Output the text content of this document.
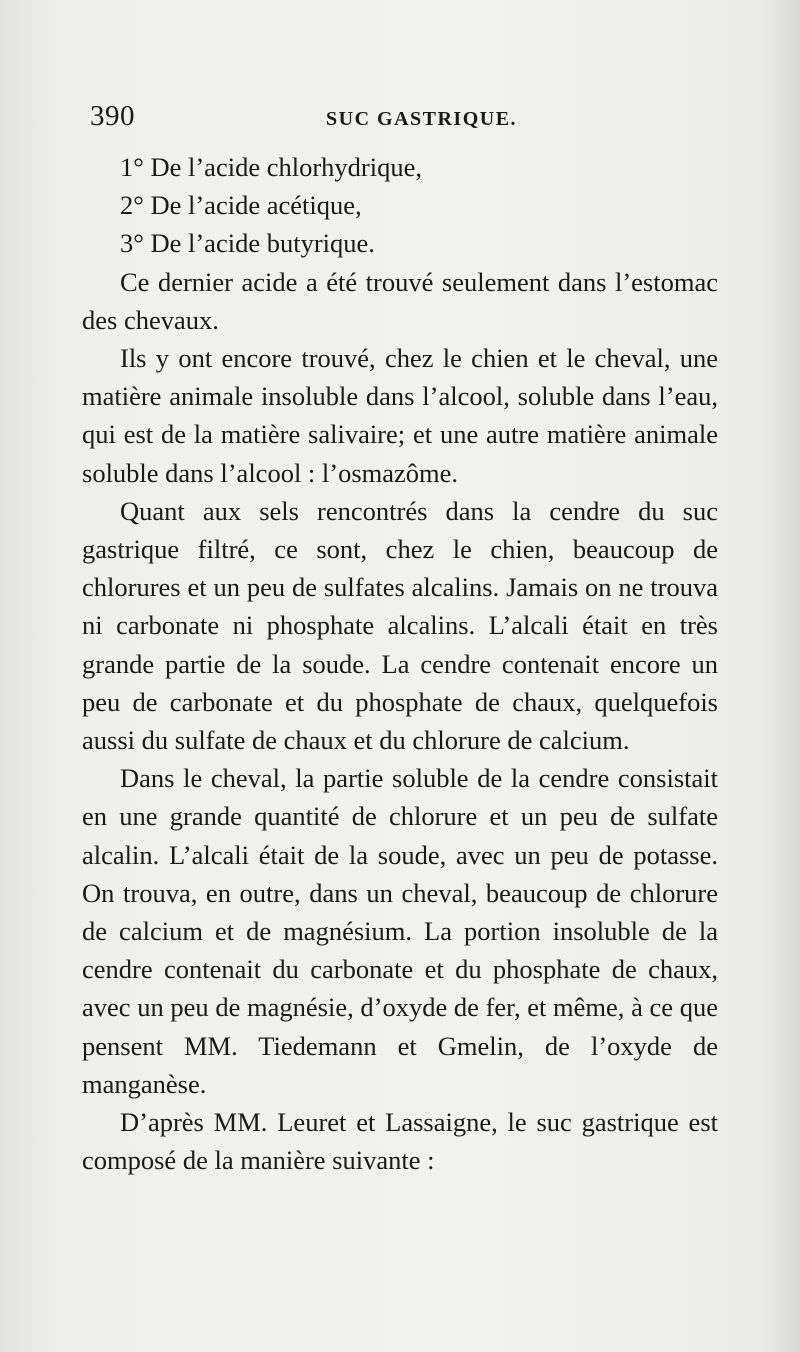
390	SUC GASTRIQUE.
1° De l’acide chlorhydrique,
2° De l’acide acétique,
3° De l’acide butyrique.

Ce dernier acide a été trouvé seulement dans l’estomac des chevaux.

Ils y ont encore trouvé, chez le chien et le cheval, une matière animale insoluble dans l’alcool, soluble dans l’eau, qui est de la matière salivaire; et une autre matière animale soluble dans l’alcool : l’osmazôme.

Quant aux sels rencontrés dans la cendre du suc gastrique filtré, ce sont, chez le chien, beaucoup de chlorures et un peu de sulfates alcalins. Jamais on ne trouva ni carbonate ni phosphate alcalins. L’alcali était en très grande partie de la soude. La cendre contenait encore un peu de carbonate et du phosphate de chaux, quelquefois aussi du sulfate de chaux et du chlorure de calcium.

Dans le cheval, la partie soluble de la cendre consistait en une grande quantité de chlorure et un peu de sulfate alcalin. L’alcali était de la soude, avec un peu de potasse. On trouva, en outre, dans un cheval, beaucoup de chlorure de calcium et de magnésium. La portion insoluble de la cendre contenait du carbonate et du phosphate de chaux, avec un peu de magnésie, d’oxyde de fer, et même, à ce que pensent MM. Tiedemann et Gmelin, de l’oxyde de manganèse.

D’après MM. Leuret et Lassaigne, le suc gastrique est composé de la manière suivante :
